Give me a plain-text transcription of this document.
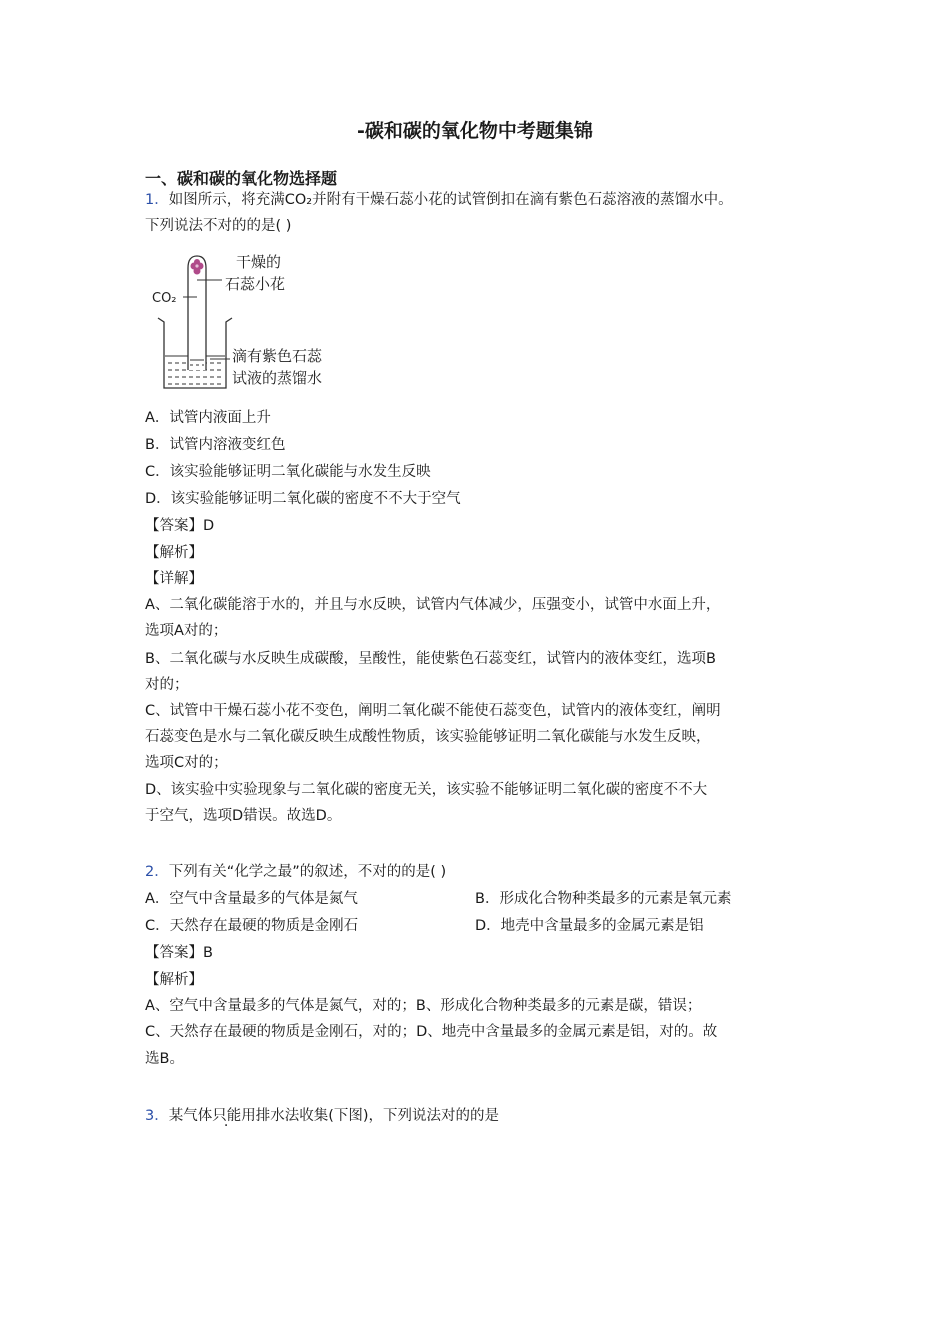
-碳和碳的氧化物中考题集锦
一、碳和碳的氧化物选择题
1．如图所示，将充满CO₂并附有干燥石蕊小花的试管倒扣在滴有紫色石蕊溶液的蒸馏水中。
下列说法不对的的是( )
CO₂
干燥的
石蕊小花
滴有紫色石蕊
试液的蒸馏水
A．试管内液面上升
B．试管内溶液变红色
C．该实验能够证明二氧化碳能与水发生反映
D．该实验能够证明二氧化碳的密度不不大于空气
【答案】D
【解析】
【详解】
A、二氧化碳能溶于水的，并且与水反映，试管内气体减少，压强变小，试管中水面上升，
选项A对的；
B、二氧化碳与水反映生成碳酸，呈酸性，能使紫色石蕊变红，试管内的液体变红，选项B
对的；
C、试管中干燥石蕊小花不变色，阐明二氧化碳不能使石蕊变色，试管内的液体变红，阐明
石蕊变色是水与二氧化碳反映生成酸性物质，该实验能够证明二氧化碳能与水发生反映，
选项C对的；
D、该实验中实验现象与二氧化碳的密度无关，该实验不能够证明二氧化碳的密度不不大
于空气，选项D错误。故选D。
2．下列有关“化学之最”的叙述，不对的的是( )
A．空气中含量最多的气体是氮气	B．形成化合物种类最多的元素是氧元素
C．天然存在最硬的物质是金刚石	D．地壳中含量最多的金属元素是铝
【答案】B
【解析】
A、空气中含量最多的气体是氮气，对的；B、形成化合物种类最多的元素是碳，错误；
C、天然存在最硬的物质是金刚石，对的；D、地壳中含量最多的金属元素是铝，对的。故
选B。
3．某气体只能用排水法收集(下图)，下列说法对的的是
